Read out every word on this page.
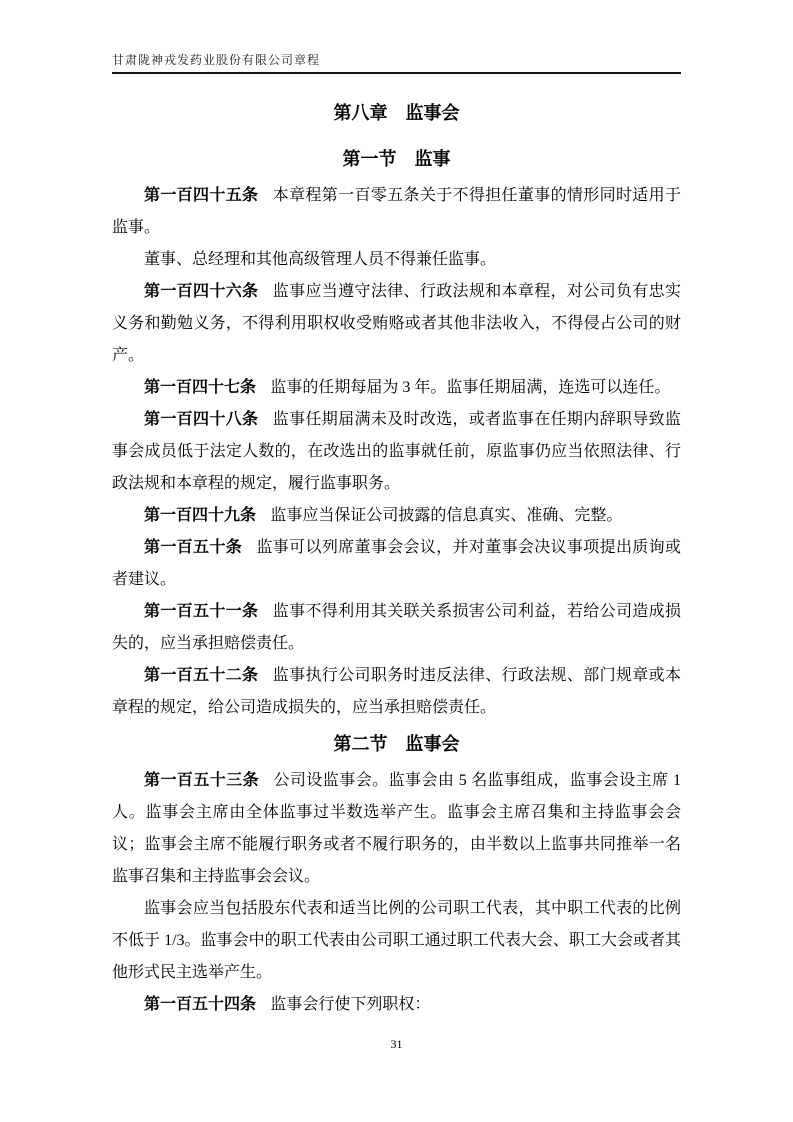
甘肃陇神戎发药业股份有限公司章程
第八章　监事会
第一节　监事

第一百四十五条 本章程第一百零五条关于不得担任董事的情形同时适用于监事。

董事、总经理和其他高级管理人员不得兼任监事。

第一百四十六条 监事应当遵守法律、行政法规和本章程，对公司负有忠实义务和勤勉义务，不得利用职权收受贿赂或者其他非法收入，不得侵占公司的财产。

第一百四十七条 监事的任期每届为 3 年。监事任期届满，连选可以连任。

第一百四十八条 监事任期届满未及时改选，或者监事在任期内辞职导致监事会成员低于法定人数的，在改选出的监事就任前，原监事仍应当依照法律、行政法规和本章程的规定，履行监事职务。

第一百四十九条 监事应当保证公司披露的信息真实、准确、完整。

第一百五十条 监事可以列席董事会会议，并对董事会决议事项提出质询或者建议。

第一百五十一条 监事不得利用其关联关系损害公司利益，若给公司造成损失的，应当承担赔偿责任。

第一百五十二条 监事执行公司职务时违反法律、行政法规、部门规章或本章程的规定，给公司造成损失的，应当承担赔偿责任。

第二节　监事会

第一百五十三条 公司设监事会。监事会由 5 名监事组成，监事会设主席 1 人。监事会主席由全体监事过半数选举产生。监事会主席召集和主持监事会会议；监事会主席不能履行职务或者不履行职务的，由半数以上监事共同推举一名监事召集和主持监事会会议。

监事会应当包括股东代表和适当比例的公司职工代表，其中职工代表的比例不低于 1/3。监事会中的职工代表由公司职工通过职工代表大会、职工大会或者其他形式民主选举产生。

第一百五十四条 监事会行使下列职权：

31
